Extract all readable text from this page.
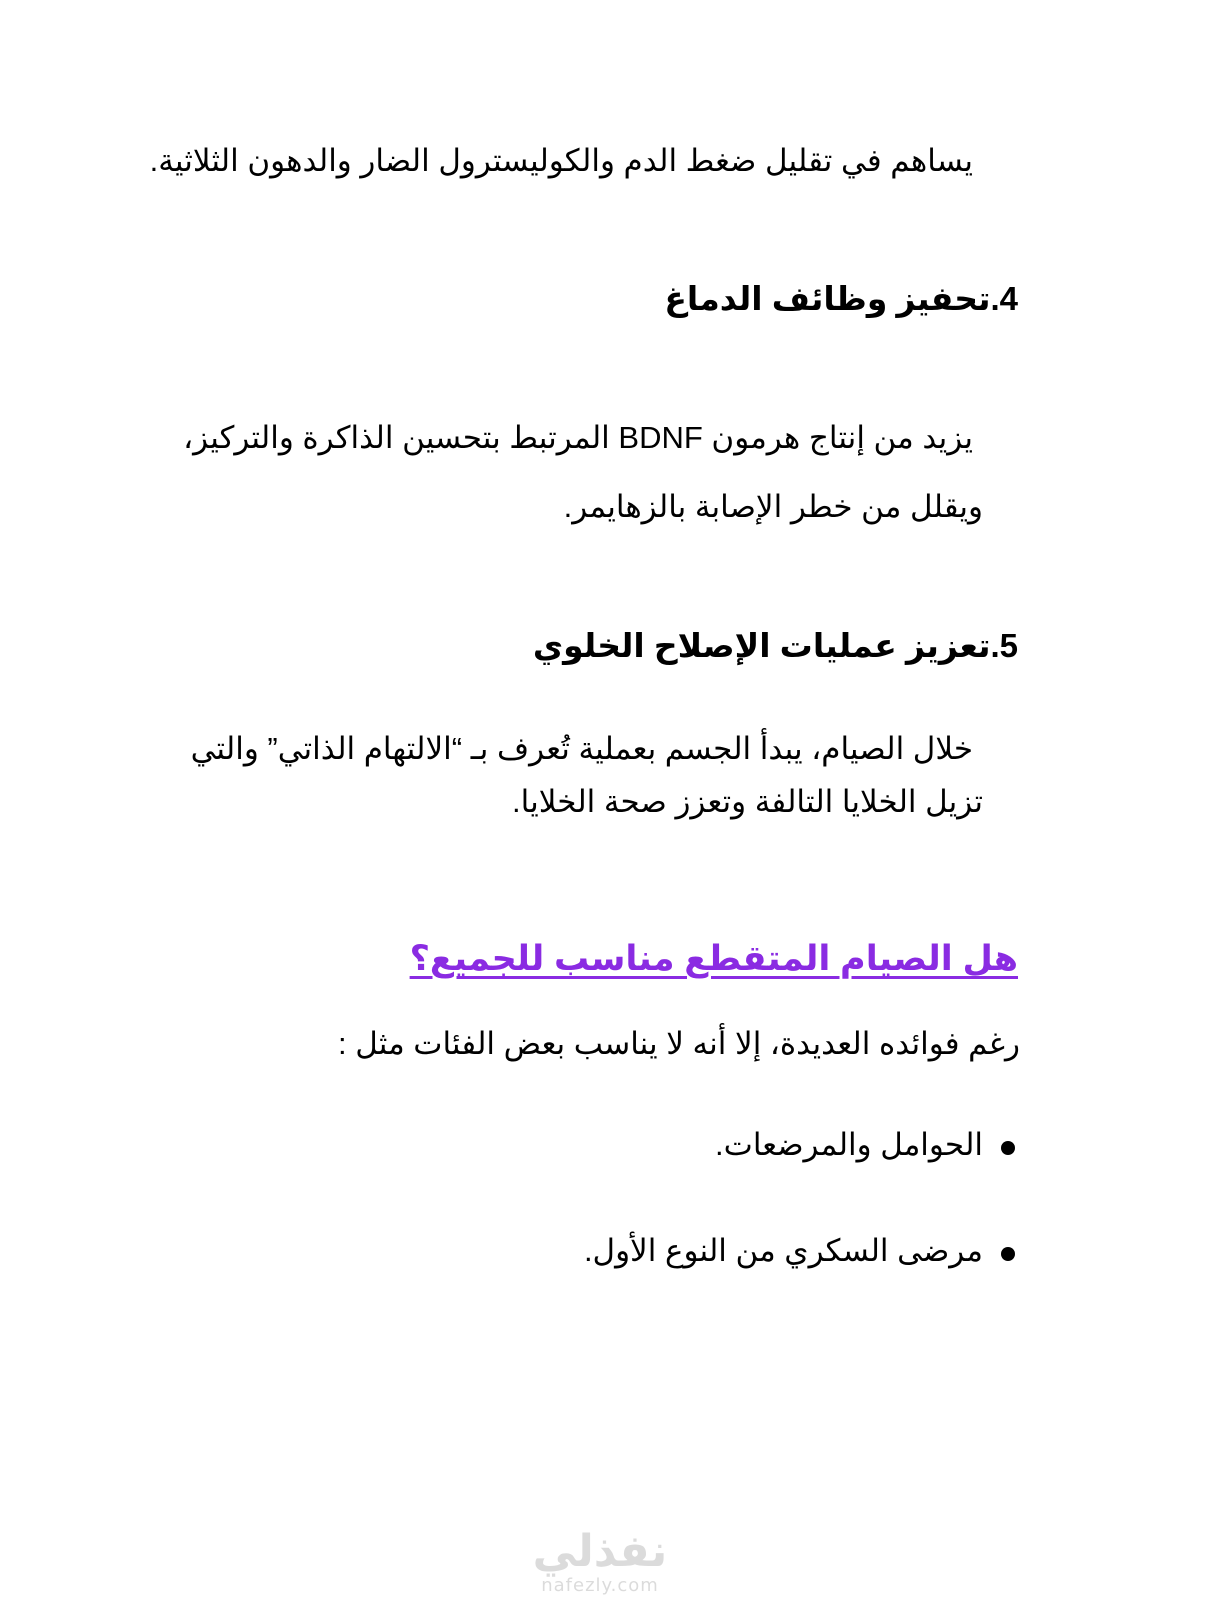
يساهم في تقليل ضغط الدم والكوليسترول الضار والدهون الثلاثية.
4.تحفيز وظائف الدماغ
يزيد من إنتاج هرمون BDNF المرتبط بتحسين الذاكرة والتركيز،
ويقلل من خطر الإصابة بالزهايمر.
5.تعزيز عمليات الإصلاح الخلوي
خلال الصيام، يبدأ الجسم بعملية تُعرف بـ “الالتهام الذاتي” والتي
تزيل الخلايا التالفة وتعزز صحة الخلايا.
هل الصيام المتقطع مناسب للجميع؟
رغم فوائده العديدة، إلا أنه لا يناسب بعض الفئات مثل :
الحوامل والمرضعات.
مرضى السكري من النوع الأول.
نفذلي
nafezly.com
